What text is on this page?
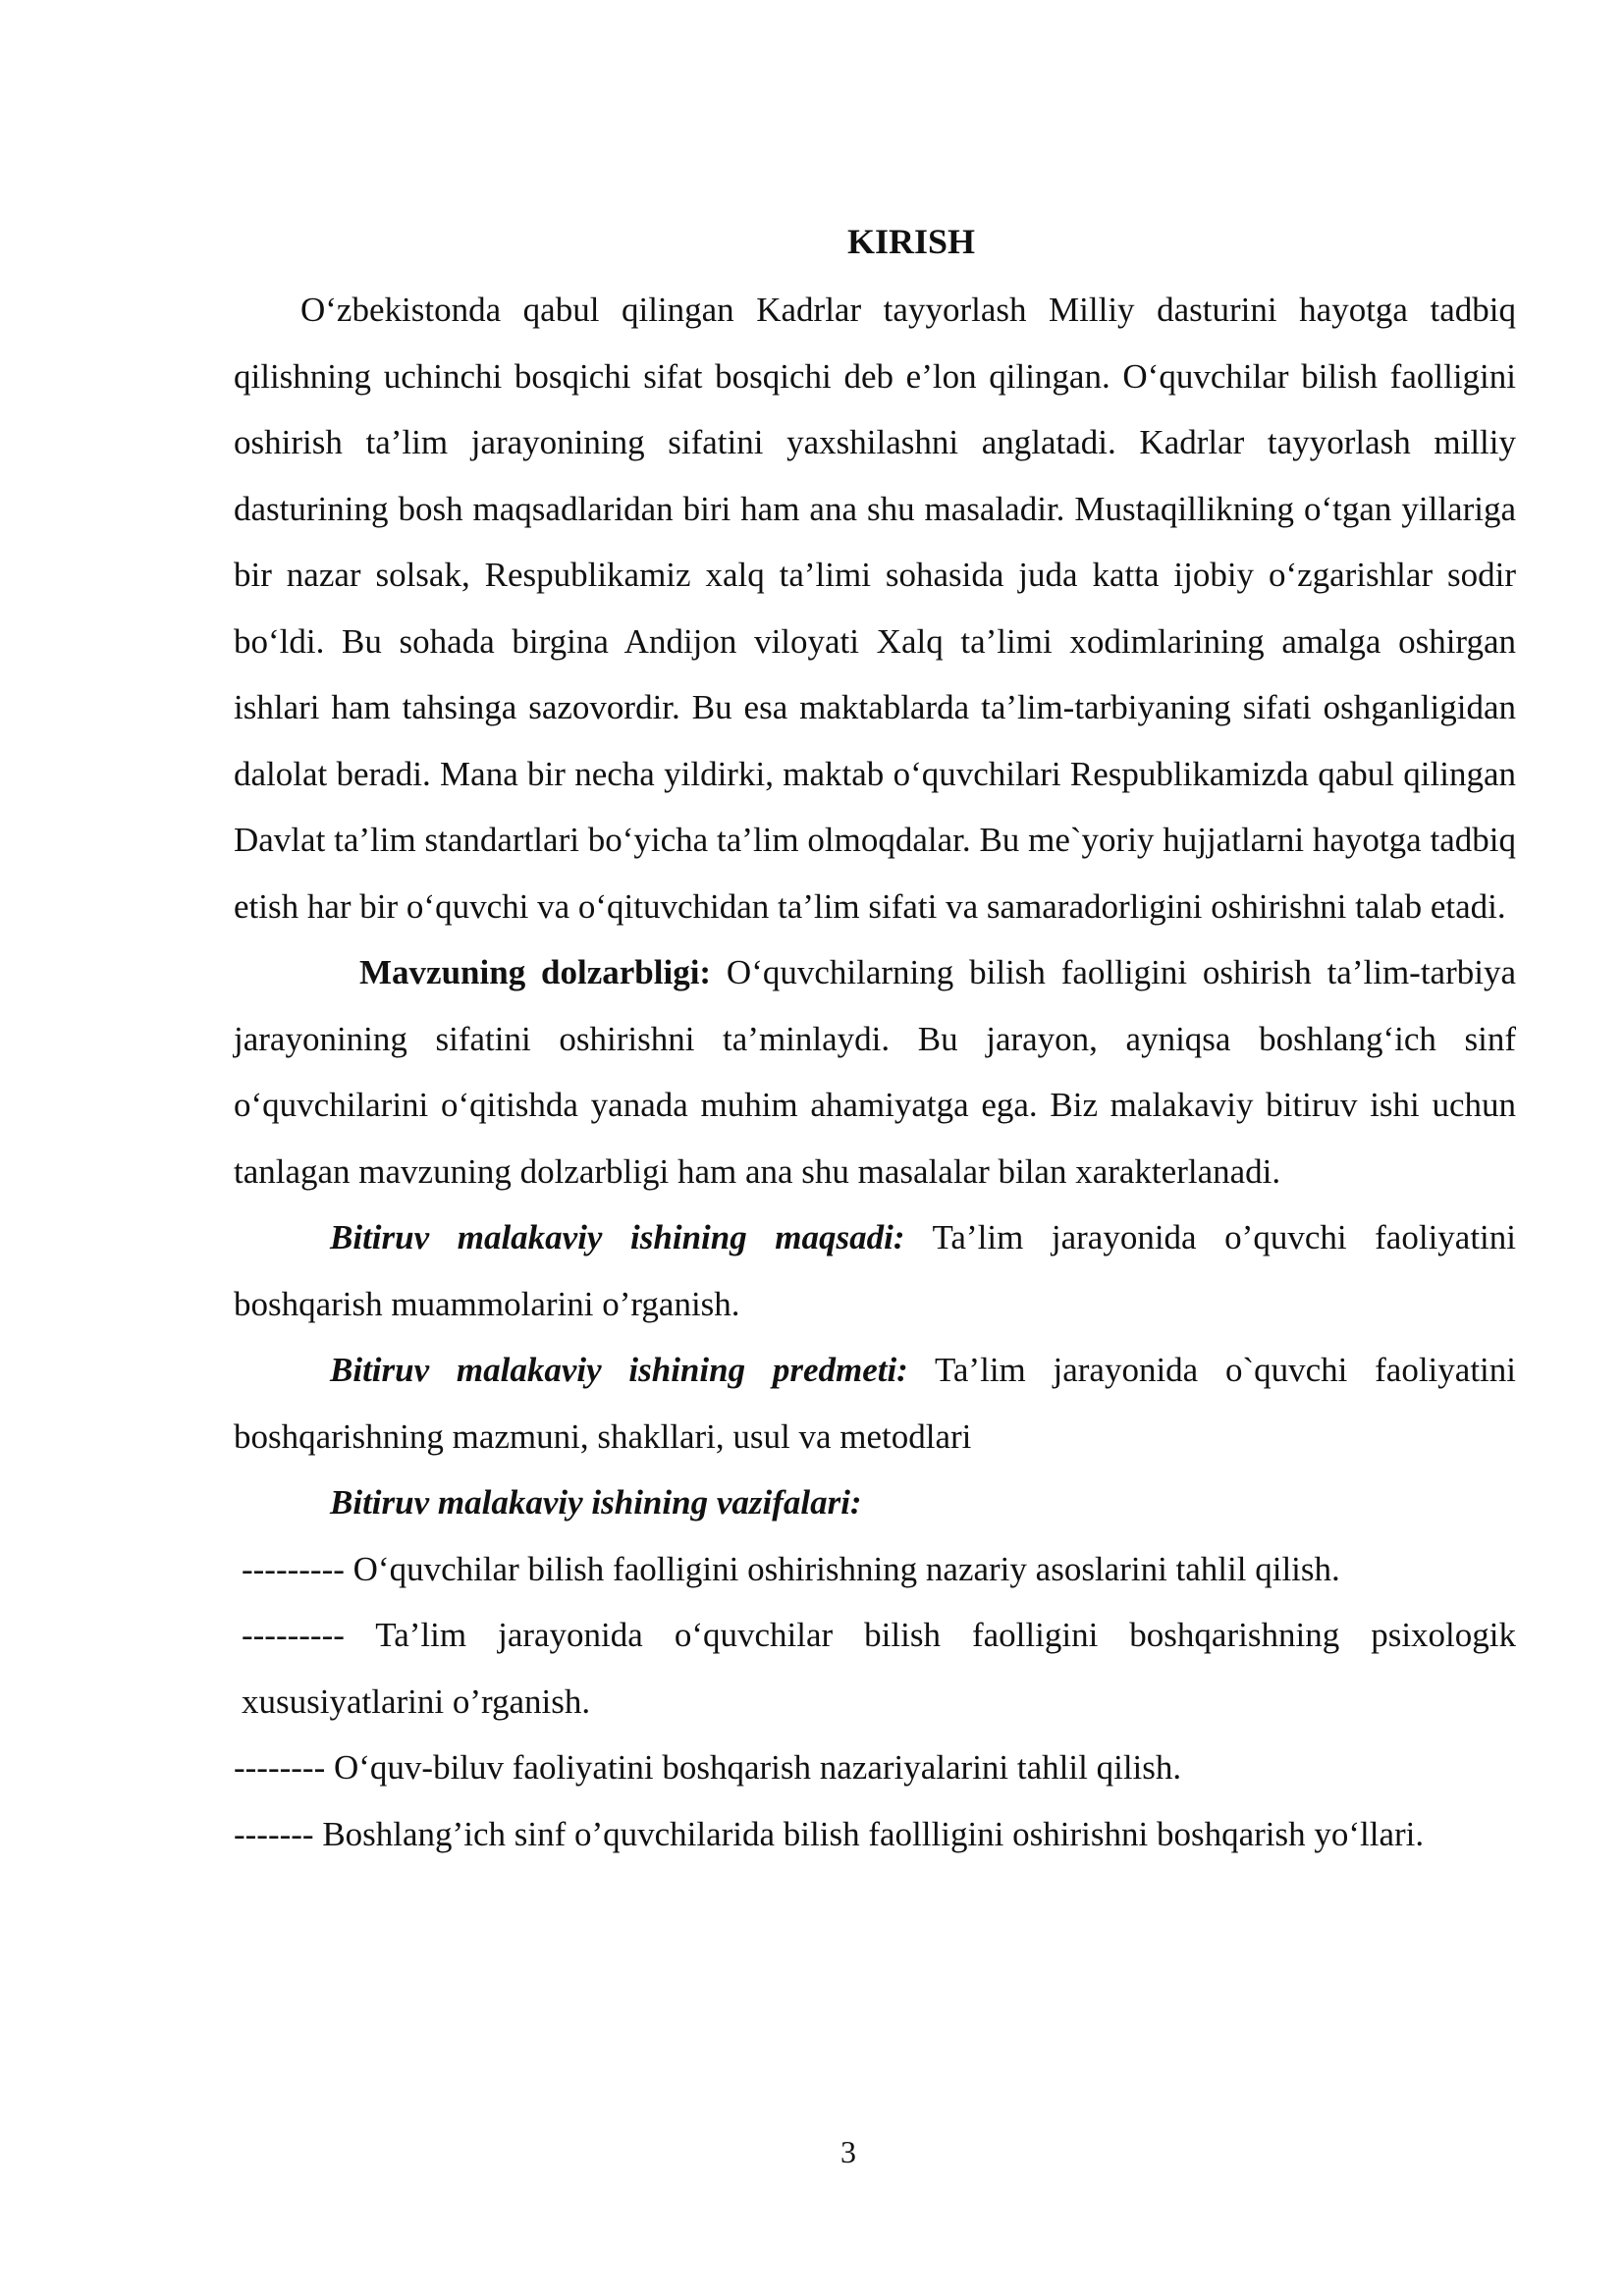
KIRISH

O‘zbekistonda qabul qilingan Kadrlar tayyorlash Milliy dasturini hayotga tadbiq qilishning uchinchi bosqichi sifat bosqichi deb e’lon qilingan. O‘quvchilar bilish faolligini oshirish ta’lim jarayonining sifatini yaxshilashni anglatadi. Kadrlar tayyorlash milliy dasturining bosh maqsadlaridan biri ham ana shu masaladir. Mustaqillikning o‘tgan yillariga bir nazar solsak, Respublikamiz xalq ta’limi sohasida juda katta ijobiy o‘zgarishlar sodir bo‘ldi. Bu sohada birgina Andijon viloyati Xalq ta’limi xodimlarining amalga oshirgan ishlari ham tahsinga sazovordir. Bu esa maktablarda ta’lim-tarbiyaning sifati oshganligidan dalolat beradi. Mana bir necha yildirki, maktab o‘quvchilari Respublikamizda qabul qilingan Davlat ta’lim standartlari bo‘yicha ta’lim olmoqdalar. Bu me`yoriy hujjatlarni hayotga tadbiq etish har bir o‘quvchi va o‘qituvchidan ta’lim sifati va samaradorligini oshirishni talab etadi.

Mavzuning dolzarbligi: O‘quvchilarning bilish faolligini oshirish ta’lim-tarbiya jarayonining sifatini oshirishni ta’minlaydi. Bu jarayon, ayniqsa boshlang‘ich sinf o‘quvchilarini o‘qitishda yanada muhim ahamiyatga ega. Biz malakaviy bitiruv ishi uchun tanlagan mavzuning dolzarbligi ham ana shu masalalar bilan xarakterlanadi.

Bitiruv malakaviy ishining maqsadi: Ta’lim jarayonida o’quvchi faoliyatini boshqarish muammolarini o’rganish.

Bitiruv malakaviy ishining predmeti: Ta’lim jarayonida o`quvchi faoliyatini boshqarishning mazmuni, shakllari, usul va metodlari

Bitiruv malakaviy ishining vazifalari:

--------- O‘quvchilar bilish faolligini oshirishning nazariy asoslarini tahlil qilish.

--------- Ta’lim jarayonida o‘quvchilar bilish faolligini boshqarishning psixologik xususiyatlarini o’rganish.

-------- O‘quv-biluv faoliyatini boshqarish nazariyalarini tahlil qilish.

------- Boshlang’ich sinf o’quvchilarida bilish faollligini oshirishni boshqarish yo‘llari.

3
